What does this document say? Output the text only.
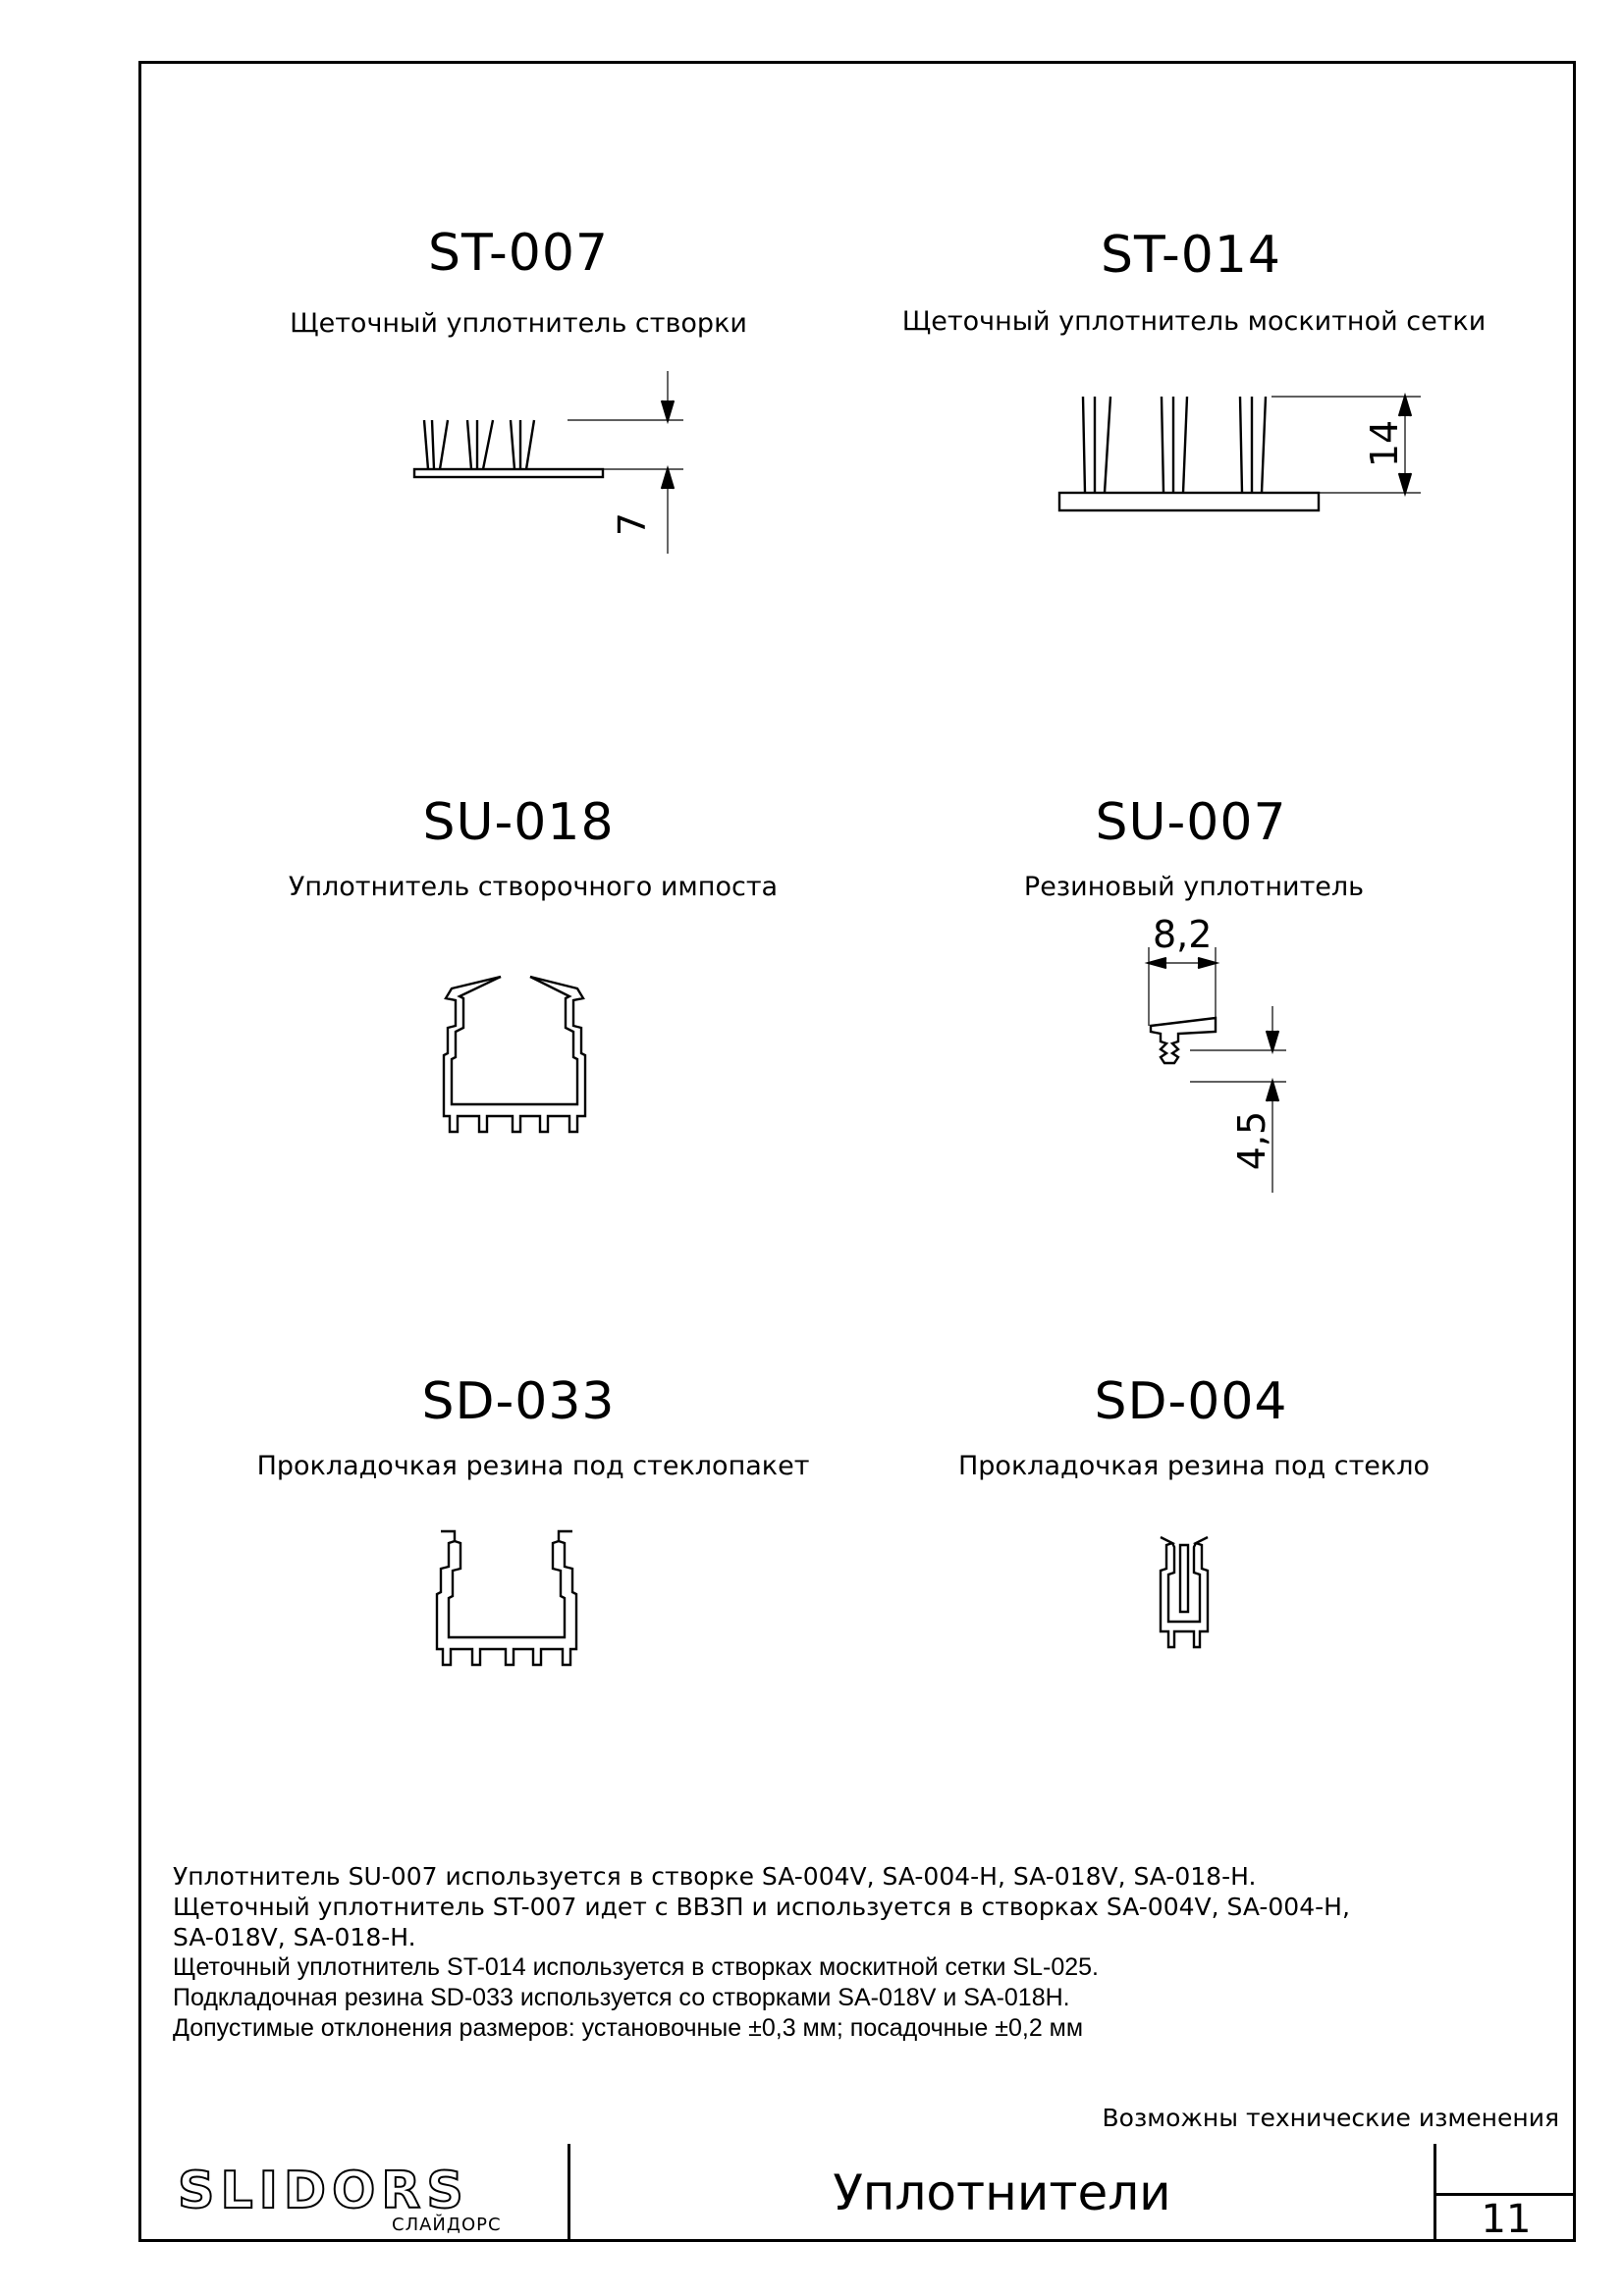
ST-007
Щеточный уплотнитель створки
7
ST-014
Щеточный уплотнитель москитной сетки
14
SU-018
Уплотнитель створочного импоста
SU-007
Резиновый уплотнитель
8,2
4,5
SD-033
Прокладочкая резина под стеклопакет
SD-004
Прокладочкая резина под стекло
Уплотнитель SU-007 используется в створке SA-004V, SA-004-H, SA-018V, SA-018-H.
Щеточный уплотнитель ST-007 идет с ВВЗП и используется в створках SA-004V, SA-004-H,
SA-018V, SA-018-H.
Щеточный уплотнитель ST-014 используется в створках москитной сетки SL-025.
Подкладочная резина SD-033 используется со створками SA-018V и SA-018H.
Допустимые отклонения размеров: установочные ±0,3 мм; посадочные ±0,2 мм
Возможны технические изменения
SLIDORS
СЛАЙДОРС
Уплотнители	11
